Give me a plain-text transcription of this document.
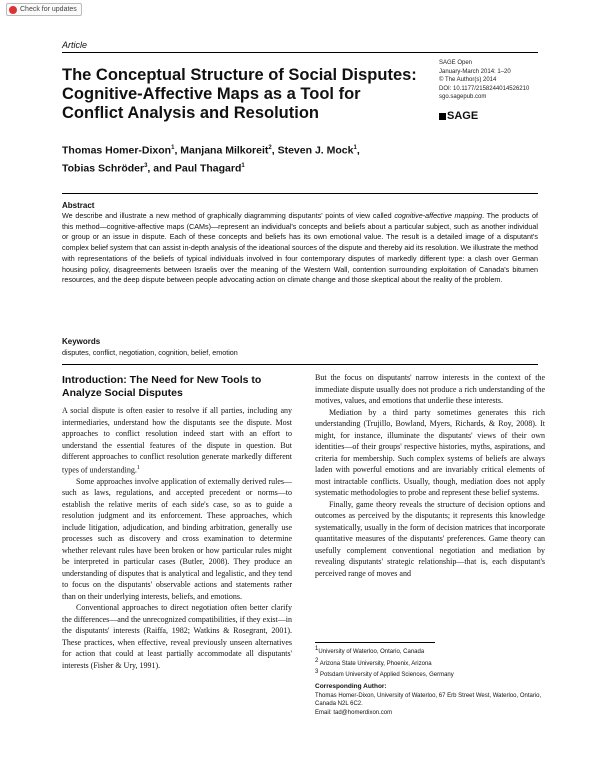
Check for updates
Article
The Conceptual Structure of Social Disputes: Cognitive-Affective Maps as a Tool for Conflict Analysis and Resolution
SAGE Open
January-March 2014: 1–20
© The Author(s) 2014
DOI: 10.1177/2158244014526210
sgo.sagepub.com
SAGE
Thomas Homer-Dixon$^1$, Manjana Milkoreit$^2$, Steven J. Mock$^1$,
Tobias Schröder$^3$, and Paul Thagard$^1$
Abstract
We describe and illustrate a new method of graphically diagramming disputants' points of view called cognitive-affective mapping. The products of this method—cognitive-affective maps (CAMs)—represent an individual's concepts and beliefs about a particular subject, such as another individual or group or an issue in dispute. Each of these concepts and beliefs has its own emotional value. The result is a detailed image of a disputant's complex belief system that can assist in-depth analysis of the ideational sources of the dispute and thereby aid its resolution. We illustrate the method with representations of the beliefs of typical individuals involved in four contemporary disputes of markedly different type: a clash over German housing policy, disagreements between Israelis over the meaning of the Western Wall, contention surrounding exploitation of Canada's bitumen resources, and the deep dispute between people advocating action on climate change and those skeptical about the reality of the problem.
Keywords
disputes, conflict, negotiation, cognition, belief, emotion

Introduction: The Need for New Tools to Analyze Social Disputes

A social dispute is often easier to resolve if all parties, including any intermediaries, understand how the disputants see the dispute. Most approaches to conflict resolution indeed start with an effort to understand the essential features of the dispute in question. But different approaches to conflict resolution generate markedly different types of understanding.$^1$

Some approaches involve application of externally derived rules—such as laws, regulations, and accepted precedent or norms—to establish the relative merits of each side's case, so as to guide a resolution judgment and its enforcement. These approaches, which include litigation, adjudication, and binding arbitration, generally use processes such as discovery and cross examination to determine whether relevant rules have been broken or how particular rules might be interpreted in particular cases (Butler, 2008). They produce an understanding of disputes that is analytical and legalistic, and they tend to focus on the disputants' observable actions and statements rather than on their underlying interests, beliefs, and emotions.

Conventional approaches to direct negotiation often better clarify the differences—and the unrecognized compatibilities, if they exist—in the disputants' interests (Raiffa, 1982; Watkins & Rosegrant, 2001). These practices, when effective, reveal previously unseen alternatives for action that could at least partially accommodate all disputants' interests (Fisher & Ury, 1991).

But the focus on disputants' narrow interests in the context of the immediate dispute usually does not produce a rich understanding of the motives, values, and emotions that underlie these interests.

Mediation by a third party sometimes generates this rich understanding (Trujillo, Bowland, Myers, Richards, & Roy, 2008). It might, for instance, illuminate the disputants' views of their own identities—of their groups' respective histories, myths, aspirations, and criteria for membership. Such complex systems of beliefs are always laden with powerful emotions and are invariably critical elements of most intractable conflicts. Usually, though, mediation does not apply systematic methodologies to probe and represent these belief systems.

Finally, game theory reveals the structure of decision options and outcomes as perceived by the disputants; it represents this knowledge systematically, usually in the form of decision matrices that incorporate quantitative measures of the disputants' preferences. Game theory can usefully complement conventional negotiation and mediation by revealing disputants' strategic relationship—that is, each disputant's perceived range of moves and

$^1$University of Waterloo, Ontario, Canada
$^2$ Arizona State University, Phoenix, Arizona
$^3$ Potsdam University of Applied Sciences, Germany
Corresponding Author:
Thomas Homer-Dixon, University of Waterloo, 67 Erb Street West, Waterloo, Ontario, Canada N2L 6C2.
Email: tad@homerdixon.com
